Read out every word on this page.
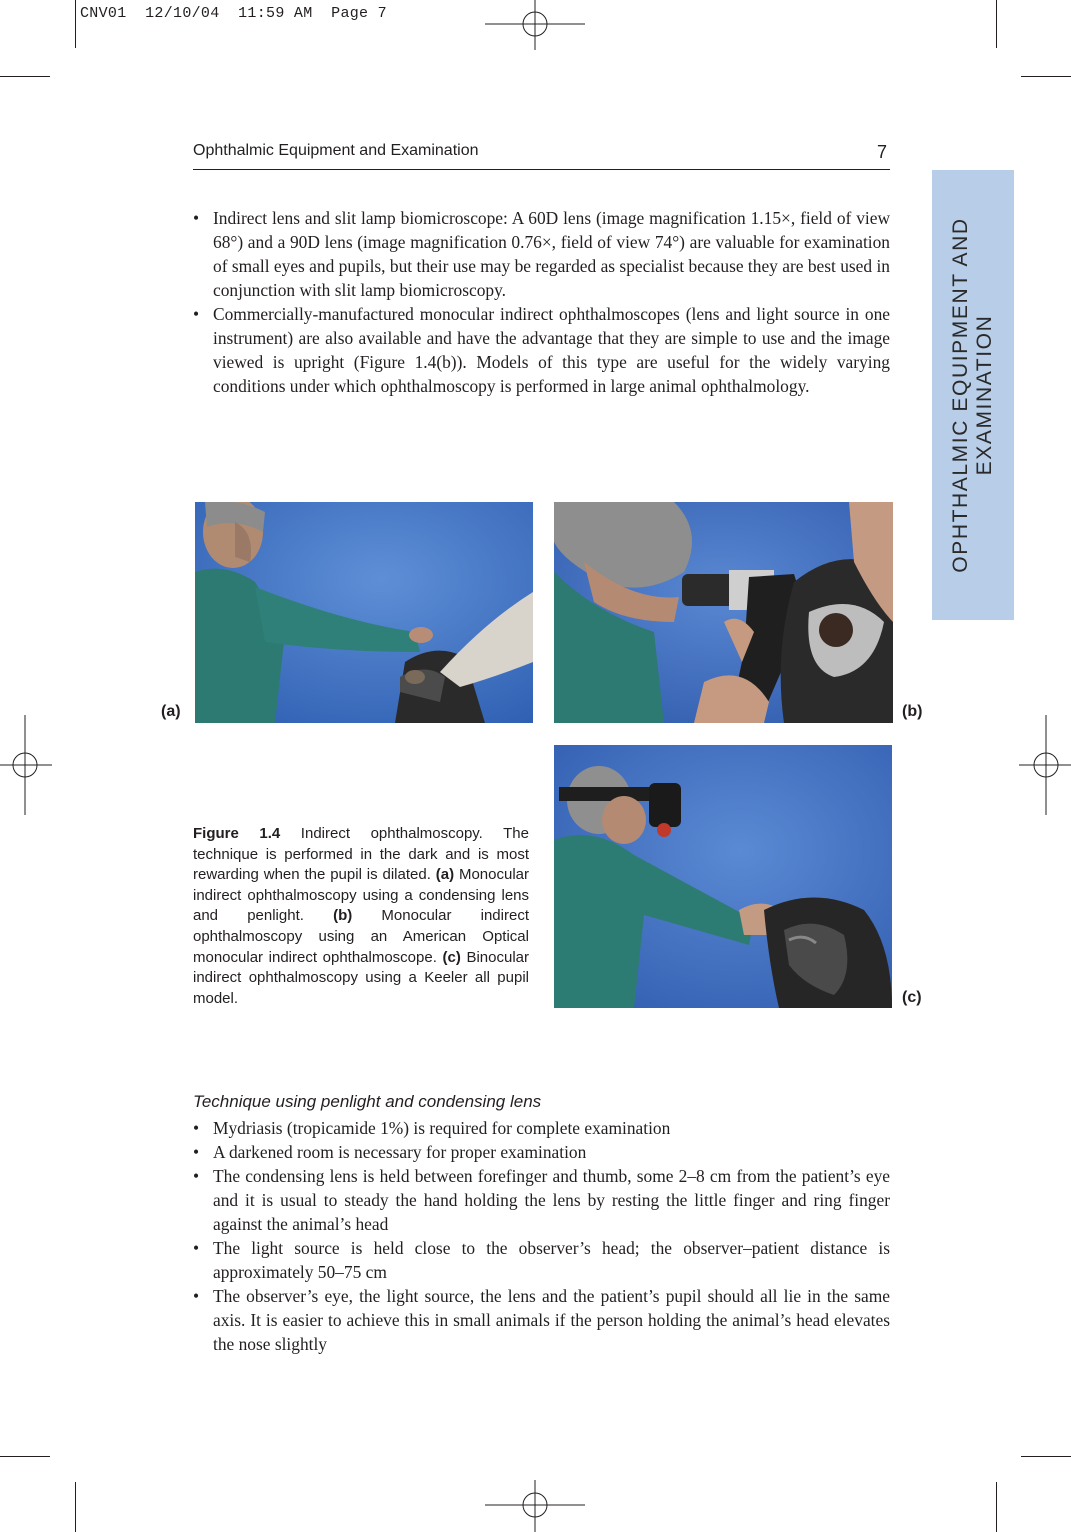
CNV01  12/10/04  11:59 AM  Page 7
Ophthalmic Equipment and Examination	7
OPHTHALMIC EQUIPMENT AND EXAMINATION
• Indirect lens and slit lamp biomicroscope: A 60D lens (image magnification 1.15×, field of view 68°) and a 90D lens (image magnification 0.76×, field of view 74°) are valuable for examination of small eyes and pupils, but their use may be regarded as specialist because they are best used in conjunction with slit lamp biomicroscopy.
• Commercially-manufactured monocular indirect ophthalmoscopes (lens and light source in one instrument) are also available and have the advantage that they are simple to use and the image viewed is upright (Figure 1.4(b)). Models of this type are useful for the widely varying conditions under which ophthalmoscopy is performed in large animal ophthalmology.
(a)	(b)
(c)
Figure 1.4 Indirect ophthalmoscopy. The technique is performed in the dark and is most rewarding when the pupil is dilated. (a) Monocular indirect ophthalmoscopy using a condensing lens and penlight. (b) Monocular indirect ophthalmoscopy using an American Optical monocular indirect ophthalmoscope. (c) Binocular indirect ophthalmoscopy using a Keeler all pupil model.
Technique using penlight and condensing lens
• Mydriasis (tropicamide 1%) is required for complete examination
• A darkened room is necessary for proper examination
• The condensing lens is held between forefinger and thumb, some 2–8 cm from the patient’s eye and it is usual to steady the hand holding the lens by resting the little finger and ring finger against the animal’s head
• The light source is held close to the observer’s head; the observer–patient distance is approximately 50–75 cm
• The observer’s eye, the light source, the lens and the patient’s pupil should all lie in the same axis. It is easier to achieve this in small animals if the person holding the animal’s head elevates the nose slightly
